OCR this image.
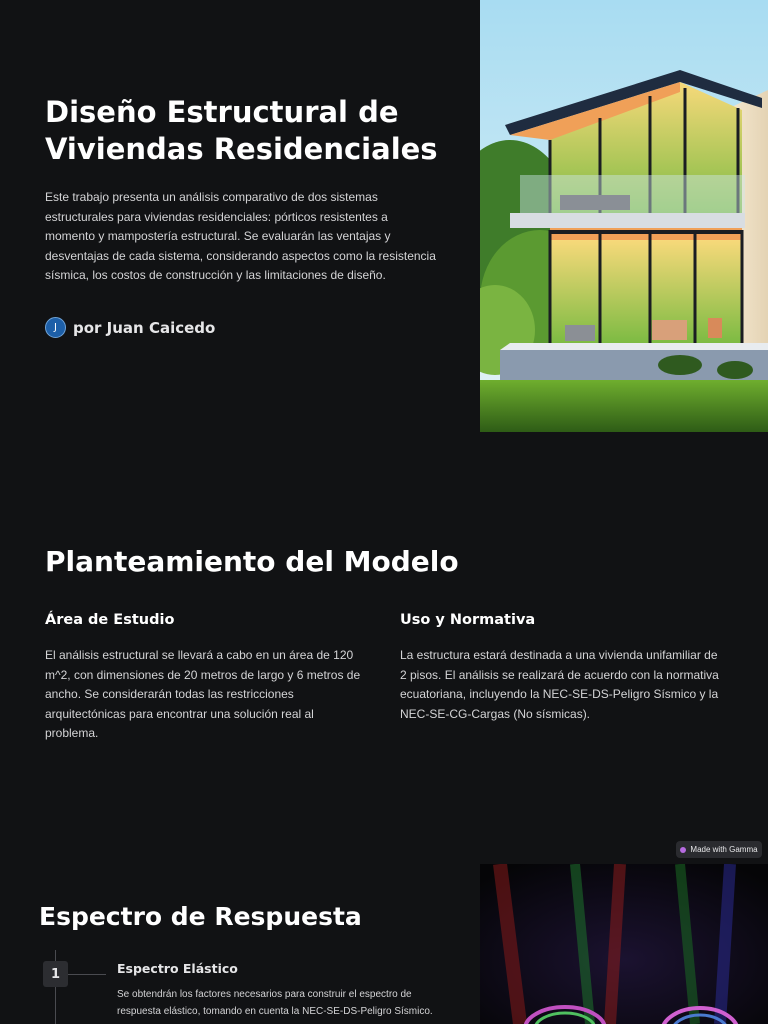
Diseño Estructural de Viviendas Residenciales

Este trabajo presenta un análisis comparativo de dos sistemas estructurales para viviendas residenciales: pórticos resistentes a momento y mampostería estructural. Se evaluarán las ventajas y desventajas de cada sistema, considerando aspectos como la resistencia sísmica, los costos de construcción y las limitaciones de diseño.

J	por Juan Caicedo
Planteamiento del Modelo
Área de Estudio

El análisis estructural se llevará a cabo en un área de 120 m^2, con dimensiones de 20 metros de largo y 6 metros de ancho. Se considerarán todas las restricciones arquitectónicas para encontrar una solución real al problema.

Uso y Normativa

La estructura estará destinada a una vivienda unifamiliar de 2 pisos. El análisis se realizará de acuerdo con la normativa ecuatoriana, incluyendo la NEC-SE-DS-Peligro Sísmico y la NEC-SE-CG-Cargas (No sísmicas).

Made with Gamma
Espectro de Respuesta
1	Espectro Elástico

Se obtendrán los factores necesarios para construir el espectro de respuesta elástico, tomando en cuenta la NEC-SE-DS-Peligro Sísmico.
